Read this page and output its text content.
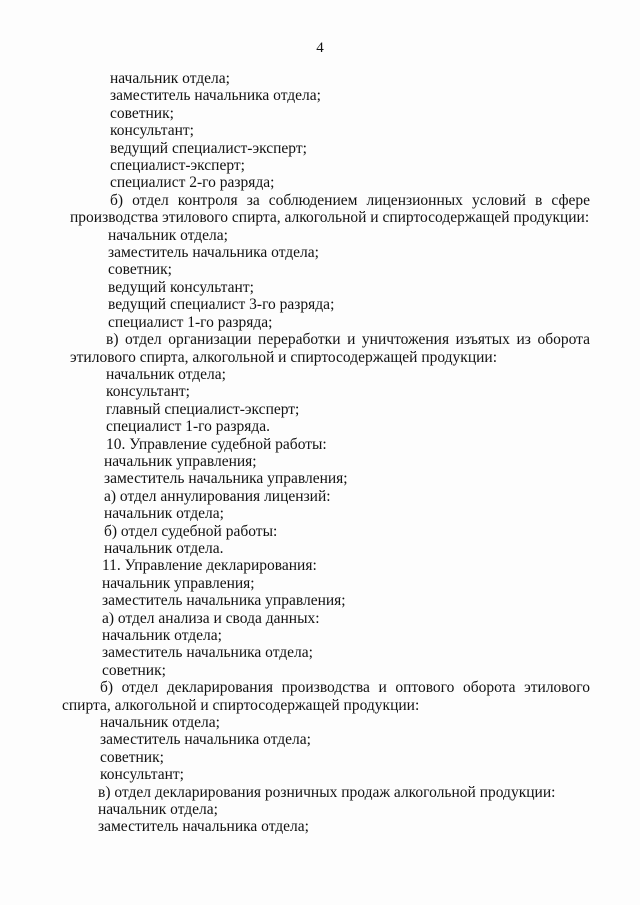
4
начальник отдела;
заместитель начальника отдела;
советник;
консультант;
ведущий специалист-эксперт;
специалист-эксперт;
специалист 2-го разряда;
б) отдел контроля за соблюдением лицензионных условий в сфере
производства этилового спирта, алкогольной и спиртосодержащей продукции:
начальник отдела;
заместитель начальника отдела;
советник;
ведущий консультант;
ведущий специалист 3-го разряда;
специалист 1-го разряда;
в) отдел организации переработки и уничтожения изъятых из оборота
этилового спирта, алкогольной и спиртосодержащей продукции:
начальник отдела;
консультант;
главный специалист-эксперт;
специалист 1-го разряда.
10. Управление судебной работы:
начальник управления;
заместитель начальника управления;
а) отдел аннулирования лицензий:
начальник отдела;
б) отдел судебной работы:
начальник отдела.
11. Управление декларирования:
начальник управления;
заместитель начальника управления;
а) отдел анализа и свода данных:
начальник отдела;
заместитель начальника отдела;
советник;
б) отдел декларирования производства и оптового оборота этилового
спирта, алкогольной и спиртосодержащей продукции:
начальник отдела;
заместитель начальника отдела;
советник;
консультант;
в) отдел декларирования розничных продаж алкогольной продукции:
начальник отдела;
заместитель начальника отдела;
